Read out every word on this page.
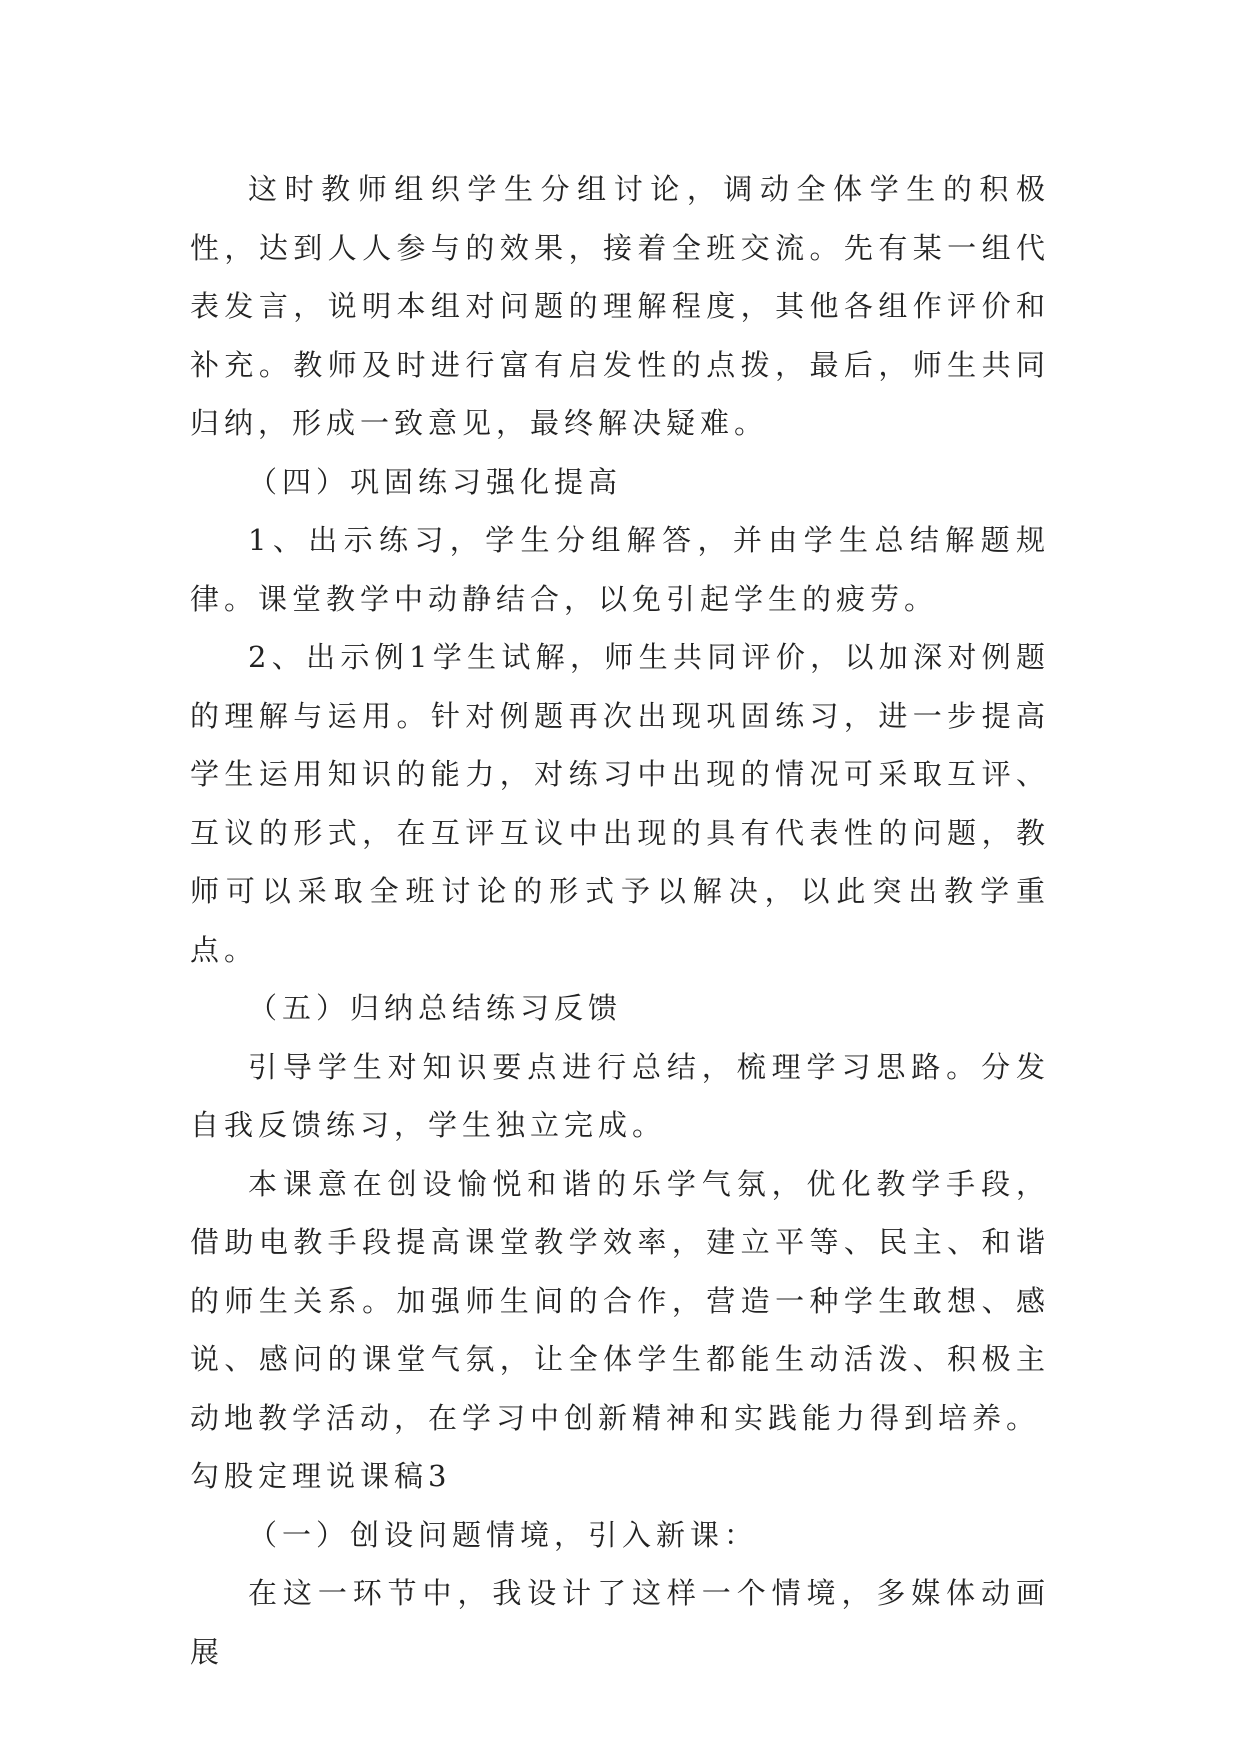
这时教师组织学生分组讨论，调动全体学生的积极性，达到人人参与的效果，接着全班交流。先有某一组代表发言，说明本组对问题的理解程度，其他各组作评价和补充。教师及时进行富有启发性的点拨，最后，师生共同归纳，形成一致意见，最终解决疑难。

（四）巩固练习强化提高

1、出示练习，学生分组解答，并由学生总结解题规律。课堂教学中动静结合，以免引起学生的疲劳。

2、出示例1学生试解，师生共同评价，以加深对例题的理解与运用。针对例题再次出现巩固练习，进一步提高学生运用知识的能力，对练习中出现的情况可采取互评、互议的形式，在互评互议中出现的具有代表性的问题，教师可以采取全班讨论的形式予以解决，以此突出教学重点。

（五）归纳总结练习反馈

引导学生对知识要点进行总结，梳理学习思路。分发自我反馈练习，学生独立完成。

本课意在创设愉悦和谐的乐学气氛，优化教学手段，借助电教手段提高课堂教学效率，建立平等、民主、和谐的师生关系。加强师生间的合作，营造一种学生敢想、感说、感问的课堂气氛，让全体学生都能生动活泼、积极主动地教学活动，在学习中创新精神和实践能力得到培养。

勾股定理说课稿3

（一）创设问题情境，引入新课：

在这一环节中，我设计了这样一个情境，多媒体动画展
